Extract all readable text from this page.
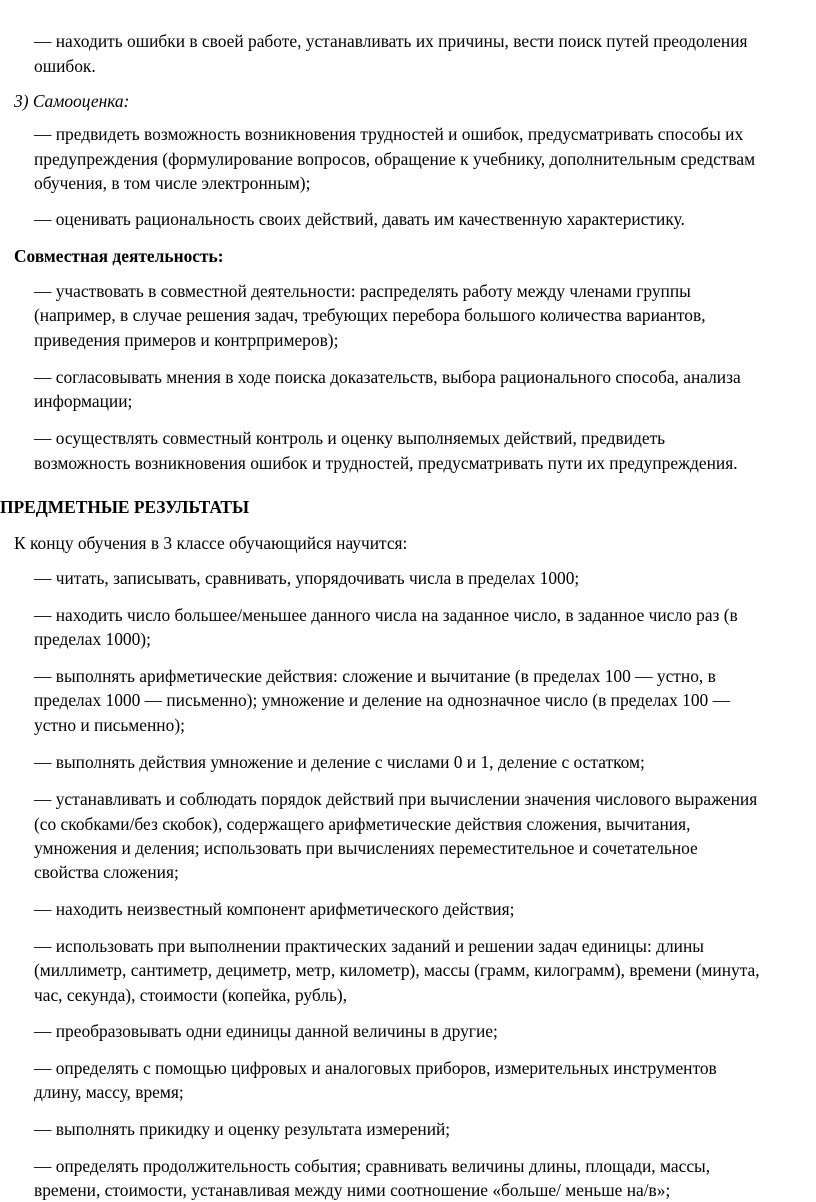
— находить ошибки в своей работе, устанавливать их причины, вести поиск путей преодоления
ошибок.
3) Самооценка:
— предвидеть возможность возникновения трудностей и ошибок, предусматривать способы их
предупреждения (формулирование вопросов, обращение к учебнику, дополнительным средствам
обучения, в том числе электронным);
— оценивать рациональность своих действий, давать им качественную характеристику.
Совместная деятельность:
— участвовать в совместной деятельности: распределять работу между членами группы
(например, в случае решения задач, требующих перебора большого количества вариантов,
приведения примеров и контрпримеров);
— согласовывать мнения в ходе поиска доказательств, выбора рационального способа, анализа
информации;
— осуществлять совместный контроль и оценку выполняемых действий, предвидеть
возможность возникновения ошибок и трудностей, предусматривать пути их предупреждения.
ПРЕДМЕТНЫЕ РЕЗУЛЬТАТЫ
К концу обучения в 3 классе обучающийся научится:
— читать, записывать, сравнивать, упорядочивать числа в пределах 1000;
— находить число большее/меньшее данного числа на заданное число, в заданное число раз (в
пределах 1000);
— выполнять арифметические действия: сложение и вычитание (в пределах 100 — устно, в
пределах 1000 — письменно); умножение и деление на однозначное число (в пределах 100 —
устно и письменно);
— выполнять действия умножение и деление с числами 0 и 1, деление с остатком;
— устанавливать и соблюдать порядок действий при вычислении значения числового выражения
(со скобками/без скобок), содержащего арифметические действия сложения, вычитания,
умножения и деления; использовать при вычислениях переместительное и сочетательное
свойства сложения;
— находить неизвестный компонент арифметического действия;
— использовать при выполнении практических заданий и решении задач единицы: длины
(миллиметр, сантиметр, дециметр, метр, километр), массы (грамм, килограмм), времени (минута,
час, секунда), стоимости (копейка, рубль),
— преобразовывать одни единицы данной величины в другие;
— определять с помощью цифровых и аналоговых приборов, измерительных инструментов
длину, массу, время;
— выполнять прикидку и оценку результата измерений;
— определять продолжительность события; сравнивать величины длины, площади, массы,
времени, стоимости, устанавливая между ними соотношение «больше/ меньше на/в»;
